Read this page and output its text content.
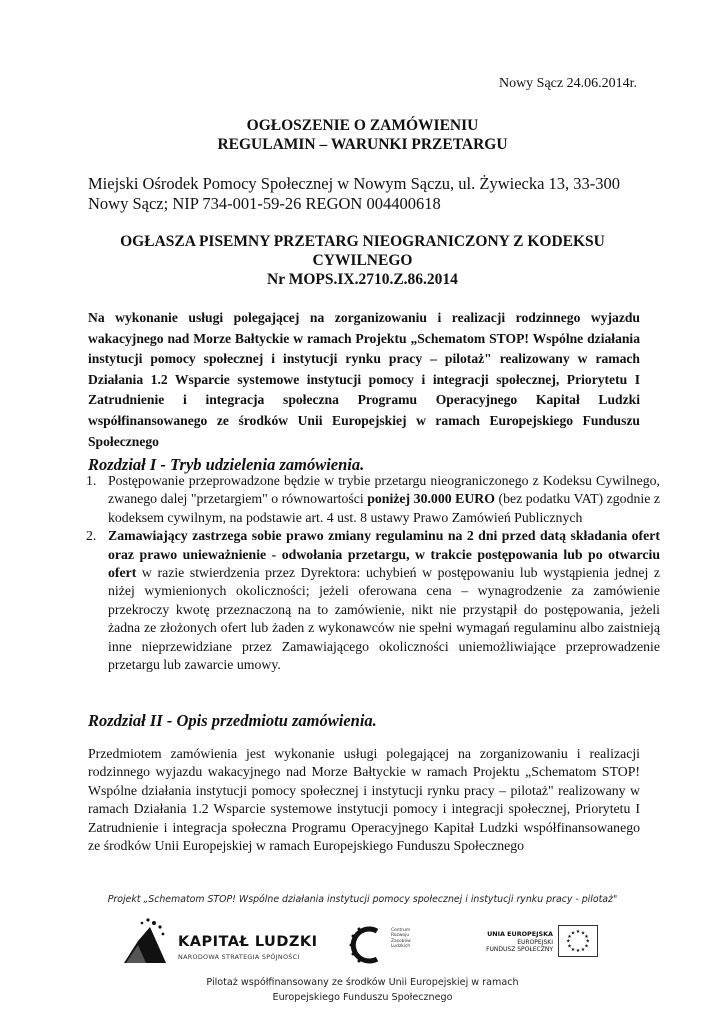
Nowy Sącz 24.06.2014r.
OGŁOSZENIE O ZAMÓWIENIU
REGULAMIN – WARUNKI PRZETARGU
Miejski Ośrodek Pomocy Społecznej w Nowym Sączu, ul. Żywiecka 13, 33-300
Nowy Sącz; NIP 734-001-59-26 REGON 004400618
OGŁASZA PISEMNY PRZETARG NIEOGRANICZONY Z KODEKSU
CYWILNEGO
Nr MOPS.IX.2710.Z.86.2014
Na wykonanie usługi polegającej na zorganizowaniu i realizacji rodzinnego wyjazdu wakacyjnego nad Morze Bałtyckie w ramach Projektu „Schematom STOP! Wspólne działania instytucji pomocy społecznej i instytucji rynku pracy – pilotaż" realizowany w ramach Działania 1.2 Wsparcie systemowe instytucji pomocy i integracji społecznej, Priorytetu I Zatrudnienie i integracja społeczna Programu Operacyjnego Kapitał Ludzki współfinansowanego ze środków Unii Europejskiej w ramach Europejskiego Funduszu Społecznego
Rozdział I - Tryb udzielenia zamówienia.
1. Postępowanie przeprowadzone będzie w trybie przetargu nieograniczonego z Kodeksu Cywilnego, zwanego dalej "przetargiem" o równowartości poniżej 30.000 EURO (bez podatku VAT) zgodnie z kodeksem cywilnym, na podstawie art. 4 ust. 8 ustawy Prawo Zamówień Publicznych
2. Zamawiający zastrzega sobie prawo zmiany regulaminu na 2 dni przed datą składania ofert oraz prawo unieważnienie - odwołania przetargu, w trakcie postępowania lub po otwarciu ofert w razie stwierdzenia przez Dyrektora: uchybień w postępowaniu lub wystąpienia jednej z niżej wymienionych okoliczności; jeżeli oferowana cena – wynagrodzenie za zamówienie przekroczy kwotę przeznaczoną na to zamówienie, nikt nie przystąpił do postępowania, jeżeli żadna ze złożonych ofert lub żaden z wykonawców nie spełni wymagań regulaminu albo zaistnieją inne nieprzewidziane przez Zamawiającego okoliczności uniemożliwiające przeprowadzenie przetargu lub zawarcie umowy.
Rozdział II - Opis przedmiotu zamówienia.
Przedmiotem zamówienia jest wykonanie usługi polegającej na zorganizowaniu i realizacji rodzinnego wyjazdu wakacyjnego nad Morze Bałtyckie w ramach Projektu „Schematom STOP! Wspólne działania instytucji pomocy społecznej i instytucji rynku pracy – pilotaż" realizowany w ramach Działania 1.2 Wsparcie systemowe instytucji pomocy i integracji społecznej, Priorytetu I Zatrudnienie i integracja społeczna Programu Operacyjnego Kapitał Ludzki współfinansowanego ze środków Unii Europejskiej w ramach Europejskiego Funduszu Społecznego
Projekt „Schematom STOP! Wspólne działania instytucji pomocy społecznej i instytucji rynku pracy - pilotaż"
KAPITAŁ LUDZKI
NARODOWA STRATEGIA SPÓJNOŚCI
Centrum
Rozwoju
Zasobów
Ludzkich
UNIA EUROPEJSKA
EUROPEJSKI
FUNDUSZ SPOŁECZNY
★ ★
★
★
★
★
★
★
★
★
★
★
Pilotaż współfinansowany ze środków Unii Europejskiej w ramach
Europejskiego Funduszu Społecznego
